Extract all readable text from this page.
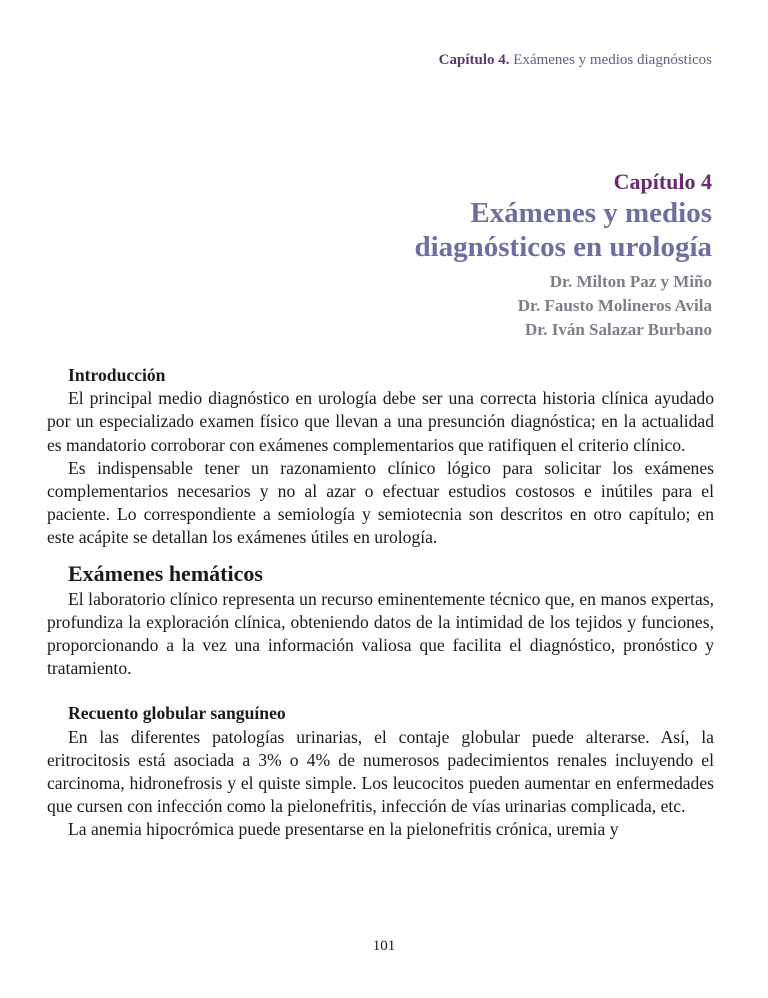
Capítulo 4. Exámenes y medios diagnósticos
Capítulo 4
Exámenes y medios
diagnósticos en urología
Dr. Milton Paz y Miño
Dr. Fausto Molineros Avila
Dr. Iván Salazar Burbano

Introducción

El principal medio diagnóstico en urología debe ser una correcta historia clínica ayudado por un especializado examen físico que llevan a una presunción diagnóstica; en la actualidad es mandatorio corroborar con exámenes complementarios que ratifiquen el criterio clínico.

Es indispensable tener un razonamiento clínico lógico para solicitar los exámenes complementarios necesarios y no al azar o efectuar estudios costosos e inútiles para el paciente. Lo correspondiente a semiología y semiotecnia son descritos en otro capítulo; en este acápite se detallan los exámenes útiles en urología.

Exámenes hemáticos

El laboratorio clínico representa un recurso eminentemente técnico que, en manos expertas, profundiza la exploración clínica, obteniendo datos de la intimidad de los tejidos y funciones, proporcionando a la vez una información valiosa que facilita el diagnóstico, pronóstico y tratamiento.

Recuento globular sanguíneo

En las diferentes patologías urinarias, el contaje globular puede alterarse. Así, la eritrocitosis está asociada a 3% o 4% de numerosos padecimientos renales incluyendo el carcinoma, hidronefrosis y el quiste simple. Los leucocitos pueden aumentar en enfermedades que cursen con infección como la pielonefritis, infección de vías urinarias complicada, etc.

La anemia hipocrómica puede presentarse en la pielonefritis crónica, uremia y

101
